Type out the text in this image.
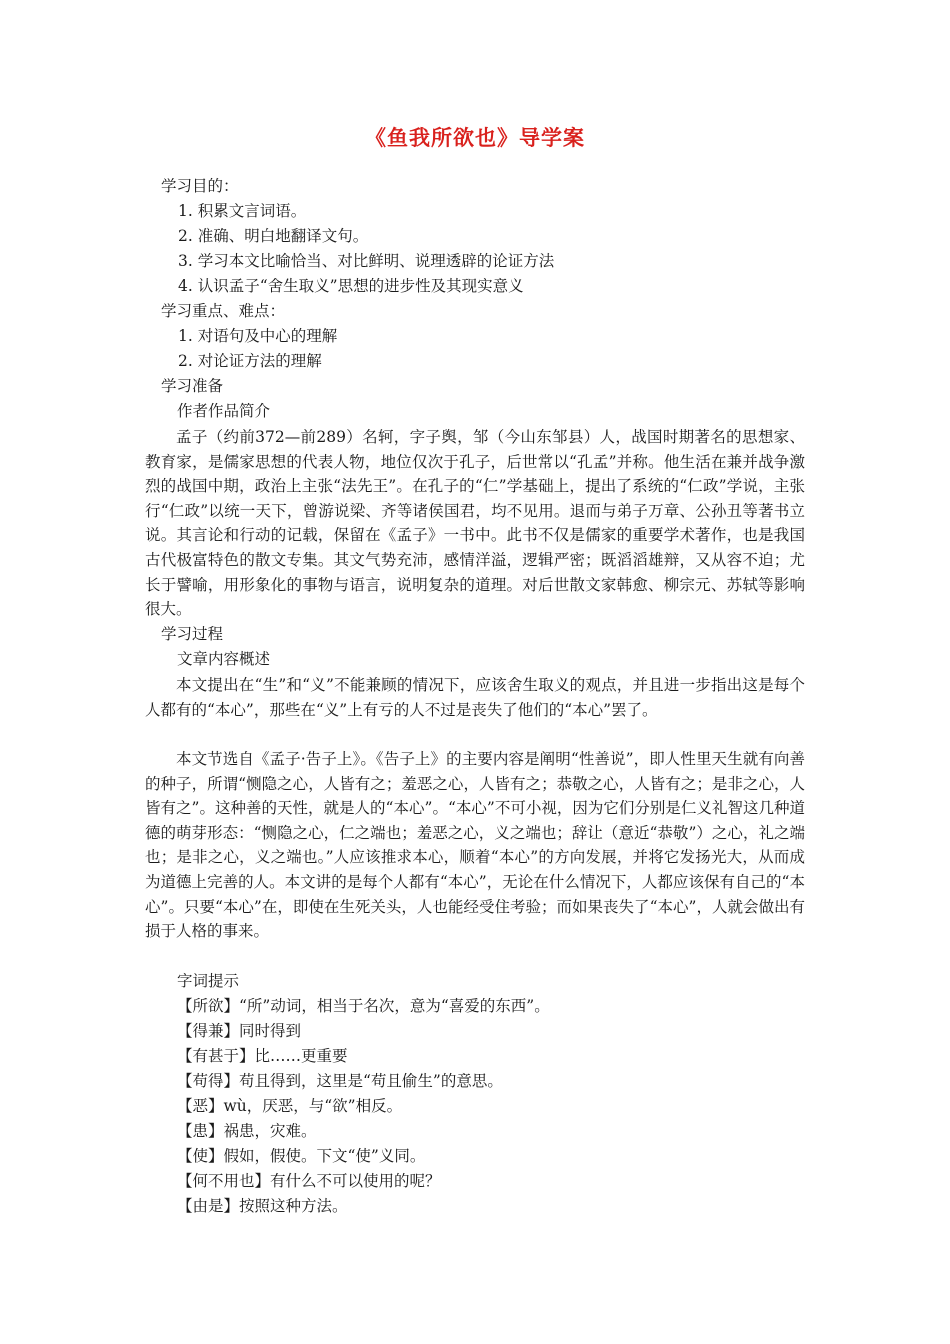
《鱼我所欲也》导学案
学习目的：
1. 积累文言词语。
2. 准确、明白地翻译文句。
3. 学习本文比喻恰当、对比鲜明、说理透辟的论证方法
4. 认识孟子“舍生取义”思想的进步性及其现实意义
学习重点、难点：
1. 对语句及中心的理解
2. 对论证方法的理解
学习准备
作者作品简介
孟子（约前372—前289）名轲，字子舆，邹（今山东邹县）人，战国时期著名的思想家、教育家，是儒家思想的代表人物，地位仅次于孔子，后世常以“孔孟”并称。他生活在兼并战争激烈的战国中期，政治上主张“法先王”。在孔子的“仁”学基础上，提出了系统的“仁政”学说，主张行“仁政”以统一天下，曾游说梁、齐等诸侯国君，均不见用。退而与弟子万章、公孙丑等著书立说。其言论和行动的记载，保留在《孟子》一书中。此书不仅是儒家的重要学术著作，也是我国古代极富特色的散文专集。其文气势充沛，感情洋溢，逻辑严密；既滔滔雄辩，又从容不迫；尤长于譬喻，用形象化的事物与语言，说明复杂的道理。对后世散文家韩愈、柳宗元、苏轼等影响很大。
学习过程
文章内容概述
本文提出在“生”和“义”不能兼顾的情况下，应该舍生取义的观点，并且进一步指出这是每个人都有的“本心”，那些在“义”上有亏的人不过是丧失了他们的“本心”罢了。
本文节选自《孟子·告子上》。《告子上》的主要内容是阐明“性善说”，即人性里天生就有向善的种子，所谓“恻隐之心，人皆有之；羞恶之心，人皆有之；恭敬之心，人皆有之；是非之心，人皆有之”。这种善的天性，就是人的“本心”。“本心”不可小视，因为它们分别是仁义礼智这几种道德的萌芽形态：“恻隐之心，仁之端也；羞恶之心，义之端也；辞让（意近“恭敬”）之心，礼之端也；是非之心，义之端也。”人应该推求本心，顺着“本心”的方向发展，并将它发扬光大，从而成为道德上完善的人。本文讲的是每个人都有“本心”，无论在什么情况下，人都应该保有自己的“本心”。只要“本心”在，即使在生死关头，人也能经受住考验；而如果丧失了“本心”，人就会做出有损于人格的事来。
字词提示
【所欲】“所”动词，相当于名次，意为“喜爱的东西”。
【得兼】同时得到
【有甚于】比……更重要
【苟得】苟且得到，这里是“苟且偷生”的意思。
【恶】wù，厌恶，与“欲”相反。
【患】祸患，灾难。
【使】假如，假使。下文“使”义同。
【何不用也】有什么不可以使用的呢？
【由是】按照这种方法。
